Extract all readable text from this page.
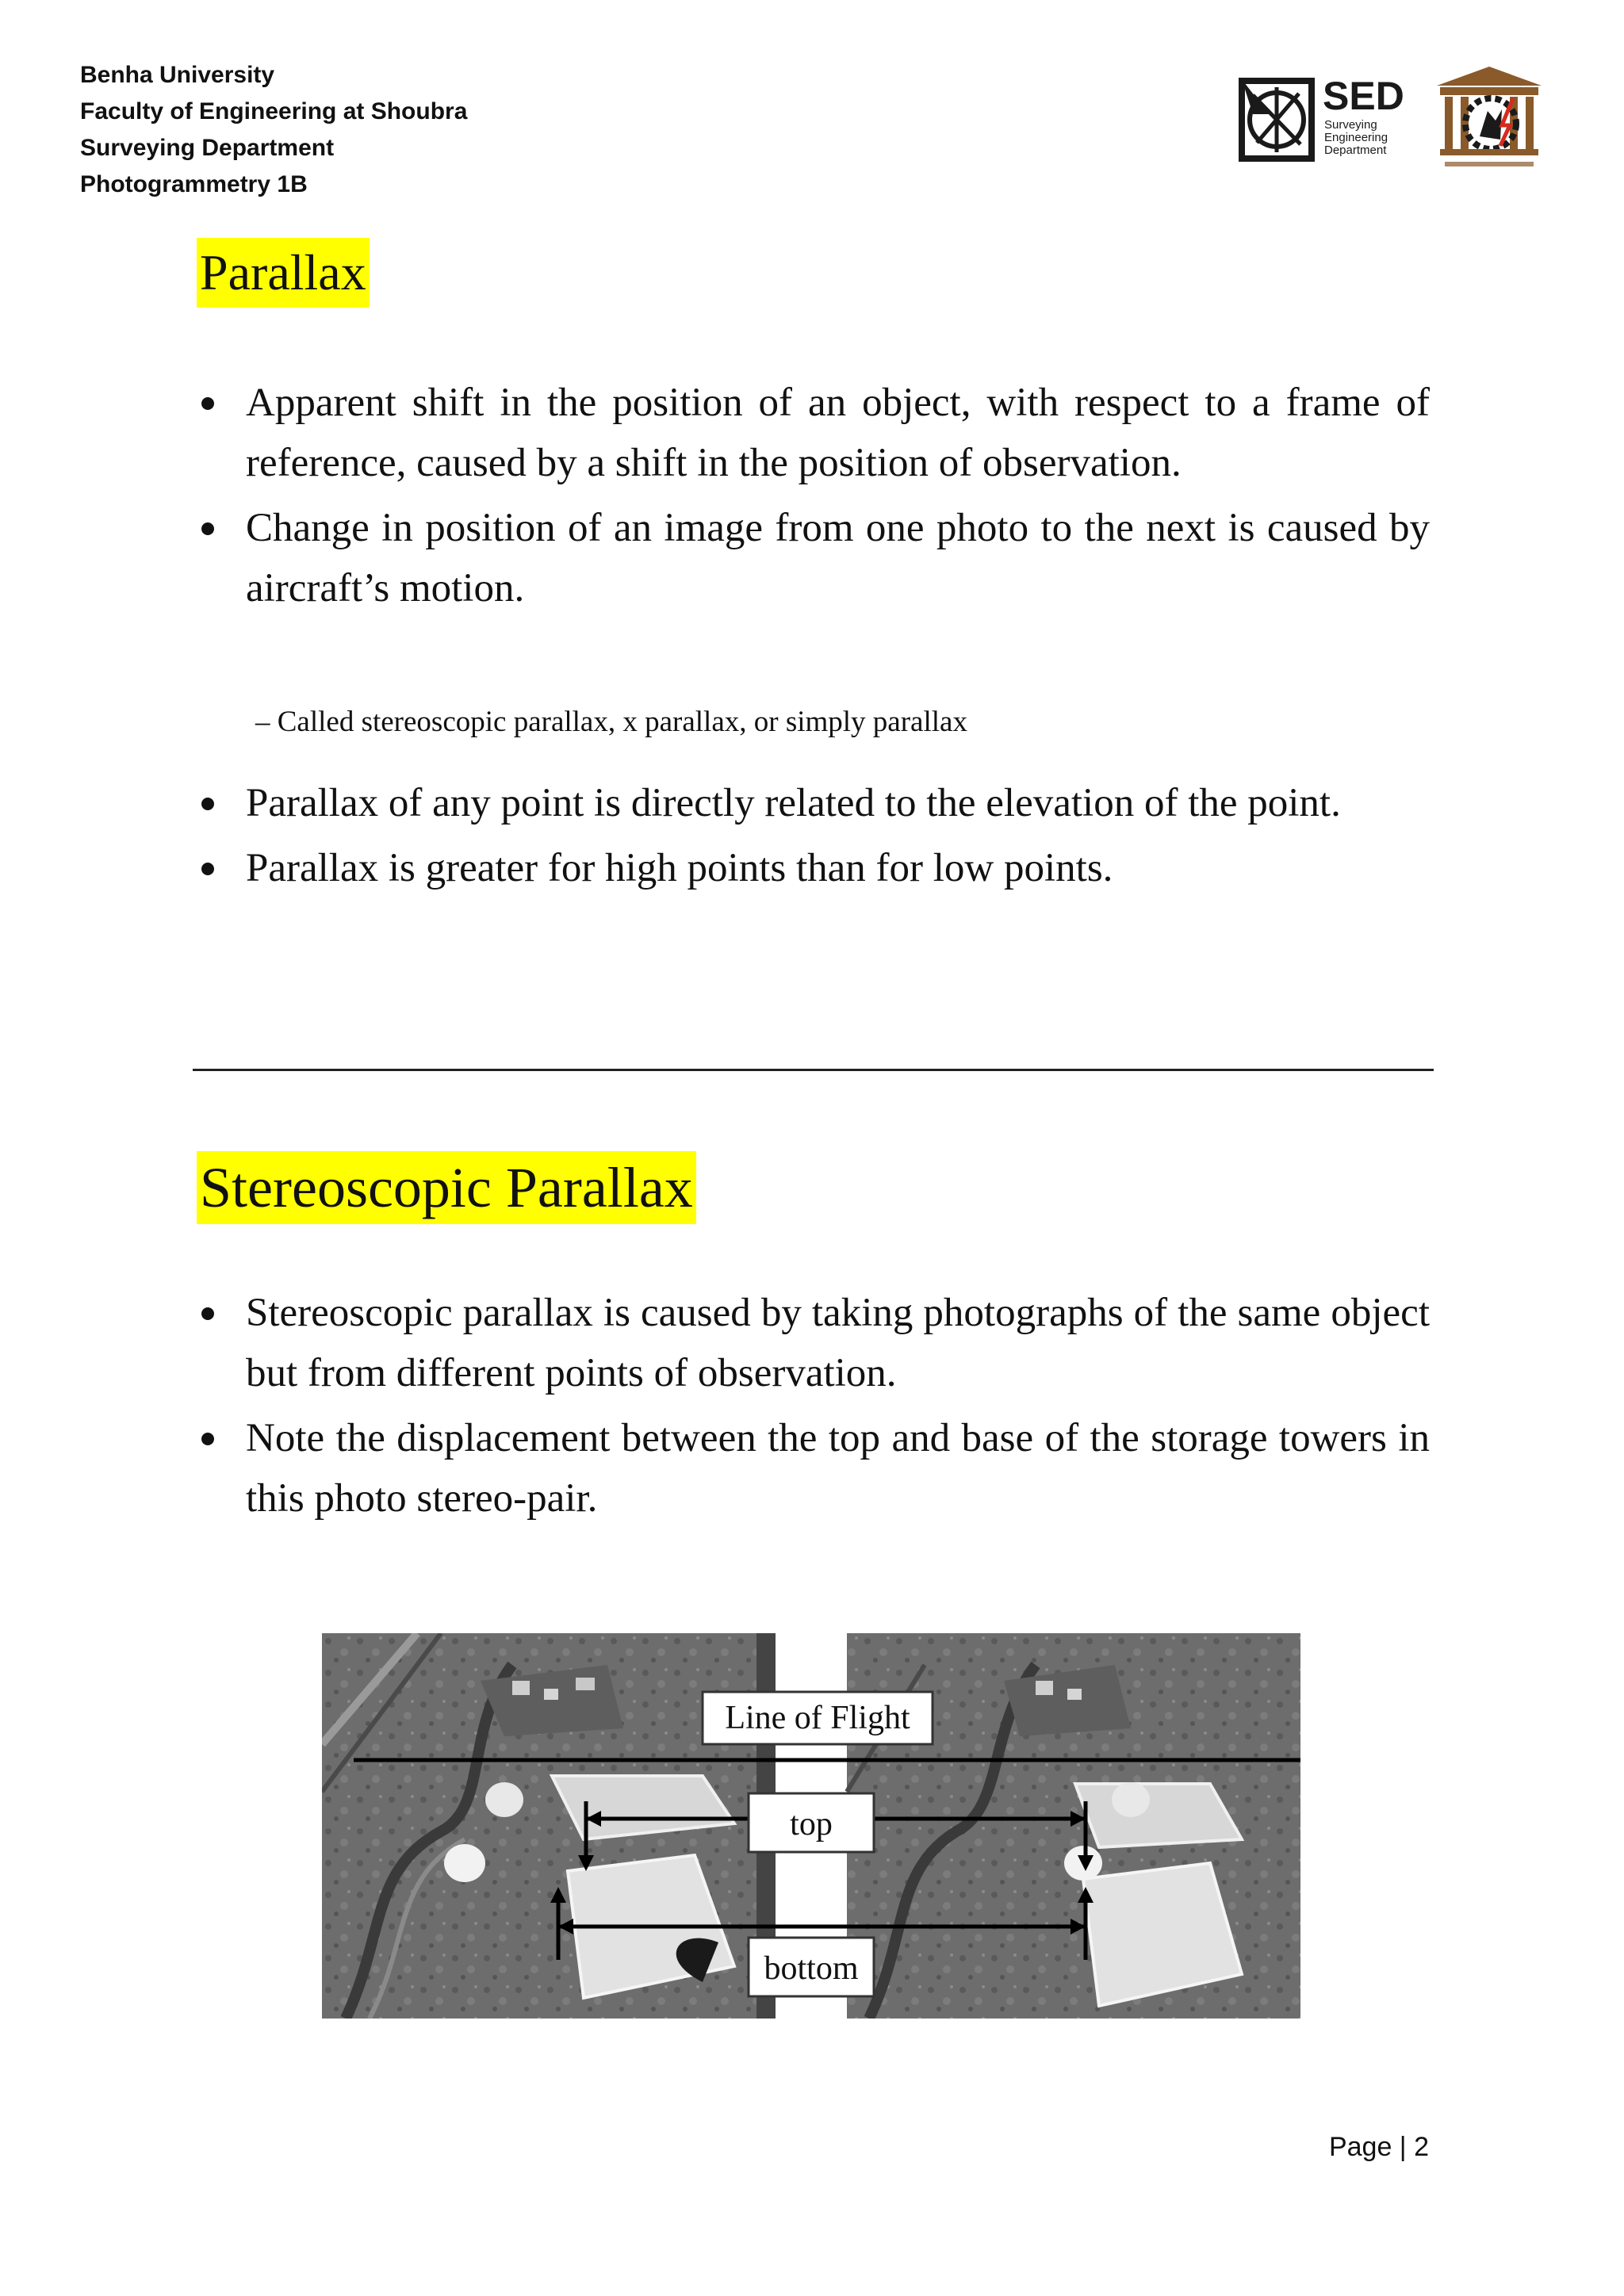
Benha University
Faculty of Engineering at Shoubra
Surveying Department
Photogrammetry 1B
SED
Surveying
Engineering
Department
Parallax
Apparent shift in the position of an object, with respect to a frame of reference, caused by a shift in the position of observation.
Change in position of an image from one photo to the next is caused by aircraft’s motion.
– Called stereoscopic parallax, x parallax, or simply parallax
Parallax of any point is directly related to the elevation of the point.
Parallax is greater for high points than for low points.
Stereoscopic Parallax
Stereoscopic parallax is caused by taking photographs of the same object but from different points of observation.
Note the displacement between the top and base of the storage towers in this photo stereo-pair.
Line of Flight
top
bottom
Page | 2
